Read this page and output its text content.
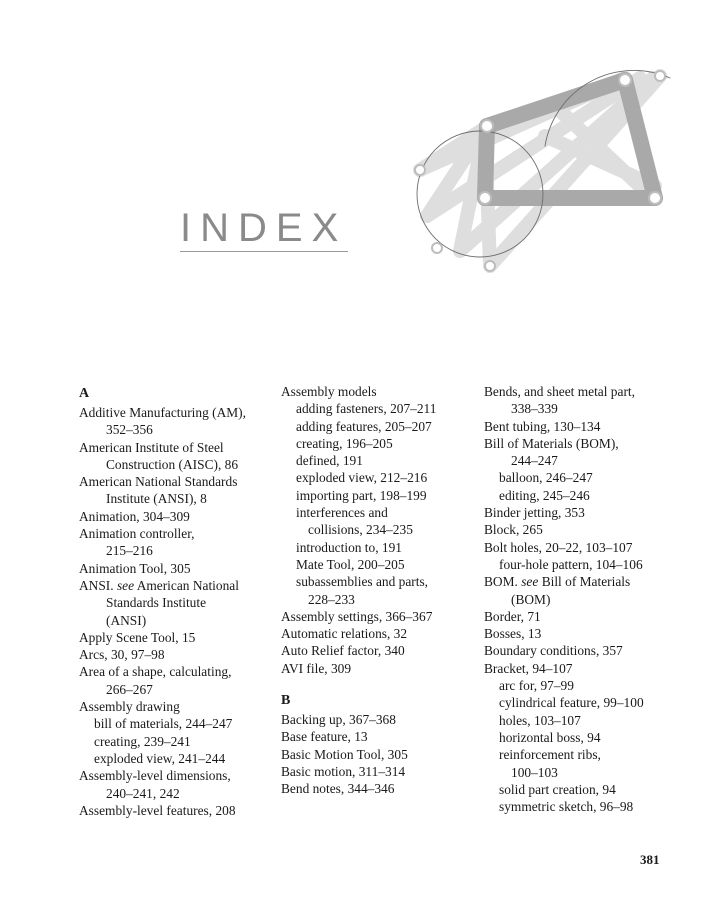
INDEX
A
Additive Manufacturing (AM),
352–356
American Institute of Steel
Construction (AISC), 86
American National Standards
Institute (ANSI), 8
Animation, 304–309
Animation controller,
215–216
Animation Tool, 305
ANSI. see American National
Standards Institute
(ANSI)
Apply Scene Tool, 15
Arcs, 30, 97–98
Area of a shape, calculating,
266–267
Assembly drawing
bill of materials, 244–247
creating, 239–241
exploded view, 241–244
Assembly-level dimensions,
240–241, 242
Assembly-level features, 208
Assembly models
adding fasteners, 207–211
adding features, 205–207
creating, 196–205
defined, 191
exploded view, 212–216
importing part, 198–199
interferences and
collisions, 234–235
introduction to, 191
Mate Tool, 200–205
subassemblies and parts,
228–233
Assembly settings, 366–367
Automatic relations, 32
Auto Relief factor, 340
AVI file, 309
B
Backing up, 367–368
Base feature, 13
Basic Motion Tool, 305
Basic motion, 311–314
Bend notes, 344–346
Bends, and sheet metal part,
338–339
Bent tubing, 130–134
Bill of Materials (BOM),
244–247
balloon, 246–247
editing, 245–246
Binder jetting, 353
Block, 265
Bolt holes, 20–22, 103–107
four-hole pattern, 104–106
BOM. see Bill of Materials
(BOM)
Border, 71
Bosses, 13
Boundary conditions, 357
Bracket, 94–107
arc for, 97–99
cylindrical feature, 99–100
holes, 103–107
horizontal boss, 94
reinforcement ribs,
100–103
solid part creation, 94
symmetric sketch, 96–98
381
